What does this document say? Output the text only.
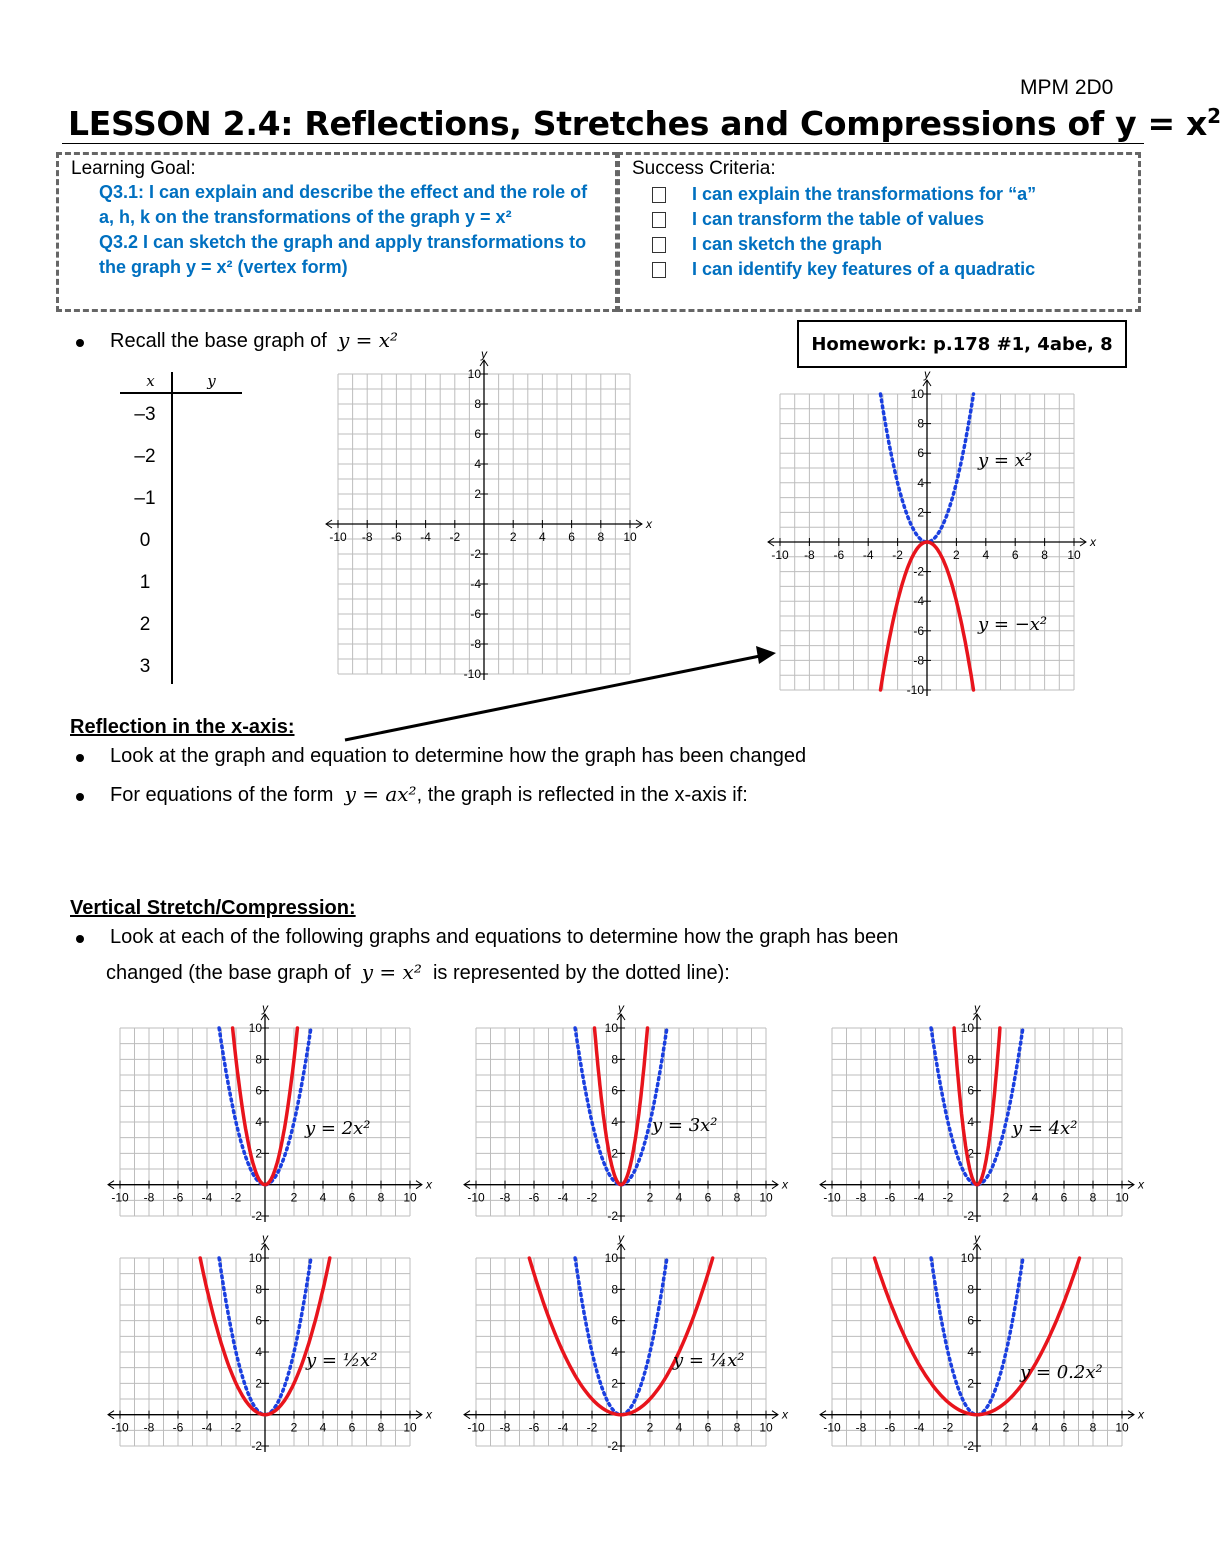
MPM 2D0
LESSON 2.4: Reflections, Stretches and Compressions of $y = x^2$
Learning Goal:
Q3.1: I can explain and describe the effect and the role of a, h, k on the transformations of the graph y = x²
Q3.2 I can sketch the graph and apply transformations to the graph y = x² (vertex form)
Success Criteria:
I can explain the transformations for “a”
I can transform the table of values
I can sketch the graph
I can identify key features of a quadratic
Homework: p.178 #1, 4abe, 8
Recall the base graph of
y = x²
x	y
–3
–2
–1
0
1
2
3
x
y
-10 -8 -6 -4 -2	2 4 6 8 10
-10
-8
-6
-4
-2
2
4
6
8
10
x
y
-10 -8 -6 -4 -2	2 4 6 8 10
-10
-8
-6
-4
-2
2
4
6
8
10
x
y
-10 -8 -6 -4 -2	2 4 6 8 10
-2
2
4
6
8
10
x
y
-10 -8 -6 -4 -2	2 4 6 8 10
-2
2
4
6
8
10
x
y
-10 -8 -6 -4 -2	2 4 6 8 10
-2
2
4
6
8
10
x
y
-10 -8 -6 -4 -2	2 4 6 8 10
-2
2
4
6
8
10
x
y
-10 -8 -6 -4 -2	2 4 6 8 10
-2
2
4
6
8
10
x
y
-10 -8 -6 -4 -2	2 4 6 8 10
-2
2
4
6
8
10
y = x²
y = −x²
y = 2x²	y = 3x²	y = 4x²
y = ½x²	y = ¼x²
y = 0.2x²
Reflection in the x-axis:
Look at the graph and equation to determine how the graph has been changed
For equations of the form
y = ax² , the graph is reflected in the x-axis if:
Vertical Stretch/Compression:
Look at each of the following graphs and equations to determine how the graph has been
changed (the base graph of y = x² is represented by the dotted line):
